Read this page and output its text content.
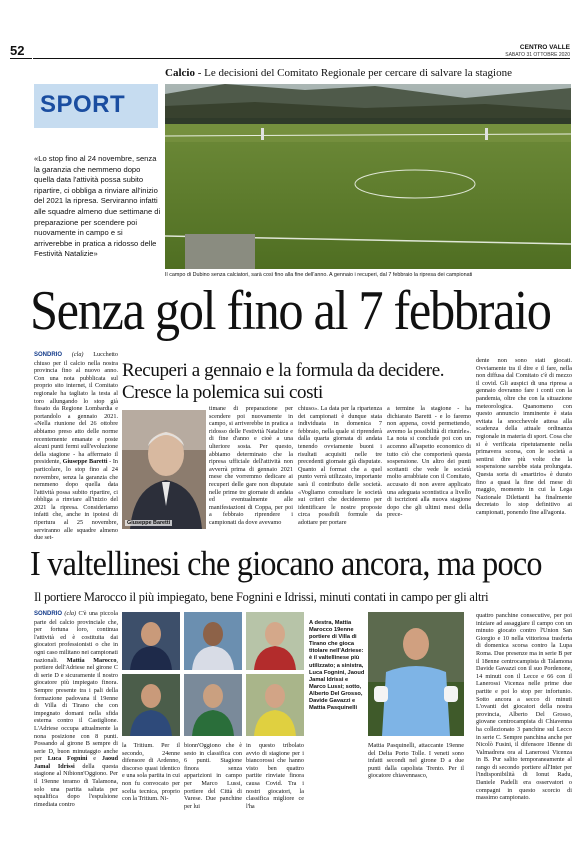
52	CENTRO VALLE
SABATO 31 OTTOBRE 2020
SPORT
Calcio - Le decisioni del Comitato Regionale per cercare di salvare la stagione
«Lo stop fino al 24 novembre, senza la garanzia che nemmeno dopo quella data l'attività possa subito ripartire, ci obbliga a rinviare all'inizio del 2021 la ripresa. Serviranno infatti alle squadre almeno due settimane di preparazione per scendere poi nuovamente in campo e si arriverebbe in pratica a ridosso delle Festività Natalizie»
Il campo di Dubino senza calciatori, sarà così fino alla fine dell'anno. A gennaio i recuperi, dal 7 febbraio la ripresa dei campionati
Senza gol fino al 7 febbraio
SONDRIO (cla) Lucchetto chiuso per il calcio nella nostra provincia fino al nuovo anno. Con una nota pubblicata sul proprio sito internet, il Comitato regionale ha tagliato la testa al toro allungando lo stop già fissato da Regione Lombardia e portandolo a gennaio 2021. «Nella riunione del 26 ottobre abbiamo preso atto delle norme recentemente emanate e poste alcuni punti fermi sull'evoluzione della stagione - ha affermato il presidente, Giuseppe Baretti - In particolare, lo stop fino al 24 novembre, senza la garanzia che nemmeno dopo quella data l'attività possa subito ripartire, ci obbliga a rinviare all'inizio del 2021 la ripresa. Consideriamo infatti che, anche in ipotesi di ripertura al 25 novembre, serviranno alle squadre almeno due set-
Recuperi a gennaio e la formula da decidere. Cresce la polemica sui costi
Giuseppe Baretti
timane di preparazione per scendere poi nuovamente in campo, si arriverebbe in pratica a ridosso delle Festività Natalizie e di fine d'anno e cioè a una ulteriore sosta. Per questo, abbiamo determinato che la ripresa ufficiale dell'attività non avverrà prima di gennaio 2021 mese che vorremmo dedicare ai recuperi delle gare non disputate nelle prime tre giornate di andata ed eventualmente alle manifestazioni di Coppa, per poi a febbraio riprendere i campionati da dove avevamo
chiuso». La data per la ripartenza dei campionati è dunque stata individuata in domenica 7 febbraio, nella quale si riprenderà dalla quarta giornata di andata tenendo ovviamente buoni i risultati acquisiti nelle tre precedenti giornate già disputate. Quanto al format che a quel punto verrà utilizzato, importante sarà il contributo delle società. «Vogliamo consultare le società sui criteri che decideremo per identificare le nostre proposte circa possibili formule da adottare per portare
a termine la stagione - ha dichiarato Baretti - e lo faremo non appena, covid permettendo, avremo la possibilità di riunirle». La nota si conclude poi con un accenno all'aspetto economico di tutto ciò che comporterà questa sospensione. Un altro dei punti scottanti che vede le società molto arrabbiate con il Comitato, accusato di non avere applicato una adeguata scontistica a livello di iscrizioni alla nuova stagione dopo che gli ultimi mesi della prece-
dente non sono stati giocati. Ovviamente tra il dire e il fare, nella non diffusa dal Comitato c'è di mezzo il covid. Gli auspici di una ripresa a gennaio dovranno fare i conti con la pandemia, oltre che con la situazione meteorologica. Quanomeno con questo annuncio imminente è stata evitata la snocchevole attesa alla scadenza della attuale ordinanza regionale in materia di sport. Cosa che si è verificata ripetutamente nella primavera scorsa, con le società a sentirsi dire più volte che la sospensione sarebbe stata prolungata. Questa sorta di «martirio» è durato fino a quasi la fine del mese di maggio, momento in cui la Lega Nazionale Dilettanti ha finalmente decretato lo stop definitivo ai campionati, ponendo fine all'agonia.
I valtellinesi che giocano ancora, ma poco
Il portiere Marocco il più impiegato, bene Fognini e Idrissi, minuti contati in campo per gli altri
SONDRIO (cla) C'è una piccola parte del calcio provinciale che, per fortuna loro, continua l'attività ed è costituita dai giocatori professionisti o che in ogni caso militano nei campionati nazionali. Mattia Marocco, portiere dell'Adriese nel girone C di serie D e sicuramente il nostro giocatore più impiegato finora. Sempre presente tra i pali della formazione padovana il 19enne di Villa di Tirano che con impegnato domani nella sfida esterna contro il Castiglione. L'Adriese occupa attualmente la nona posizione con 8 punti. Possando al girone B sempre di serie D, buon minutaggio anche per Luca Fognini e Jaoud Jamal Idrissi della questa stagione al Nibionn'Oggiono. Per il 19enne teramo di Talamona, solo una partita saltata per squalifica dopo l'espulsione rimediata contro
la Tritium. Per il secondo, 24enne difensore di Ardenno, discorso quasi identico e una sola partita in cui non fu convocato per scelta tecnica, proprio con la Tritium. Ni-
bionn'Oggiono che è sesto in classifica con 6 punti. Stagione finora senza apparizioni in campo per Marco Lussi, portiere del Città di Varese. Due panchine per lui
in questo tribolato avvio di stagione per i biancorossi che hanno visto ben quattro partite rinviate finora causa Covid. Tra i nostri giocatori, la classifica migliore ce l'ha
A destra, Mattia Marocco 19enne portiere di Villa di Tirano che gioca titolare nell'Adriese: è il valtellinese più utilizzato; a sinistra, Luca Fognini, Jaoud Jamal Idrissi e Marco Lussi; sotto, Alberto Del Grosso, Davide Gavazzi e Mattia Pasquinelli
Mattia Pasquinelli, attaccante 19enne del Delta Porto Tolle. I veneti sono infatti secondi nel girone D a due punti dalla capolista Trento. Per il giocatore chiavennasco,
quattro panchine consecutive, per poi iniziare ad assaggiare il campo con un minuto giocato contro l'Union San Giorgio e 10 nella vittoriosa trasferta di domenica scorsa contro la Lupa Roma. Due presenze ma in serie B per il 18enne centrocampista di Talamona Davide Gavazzi con il suo Pordenone, 14 minuti con il Lecce e 66 con il Lanerossi Vicenza nelle prime due partite e poi lo stop per infortunio. Sotto ancora a secco di minuti L'ovanti dei giocatori della nostra provincia, Alberto Del Grosso, giovane centrocampista di Chiavenna ha collezionato 3 panchine sul Lecco in serie C. Sempre panchina anche per Nicolò Fusini, il difensore 18enne di Valmadrera ora al Lanerossi Vicenza in B. Pur salito temporaneamente al rango di secondo portiere all'Inter per l'indisponibilità di Ionut Radu, Daniele Padelli era osservatori o compagni in questo scorcio di massimo campionato.
